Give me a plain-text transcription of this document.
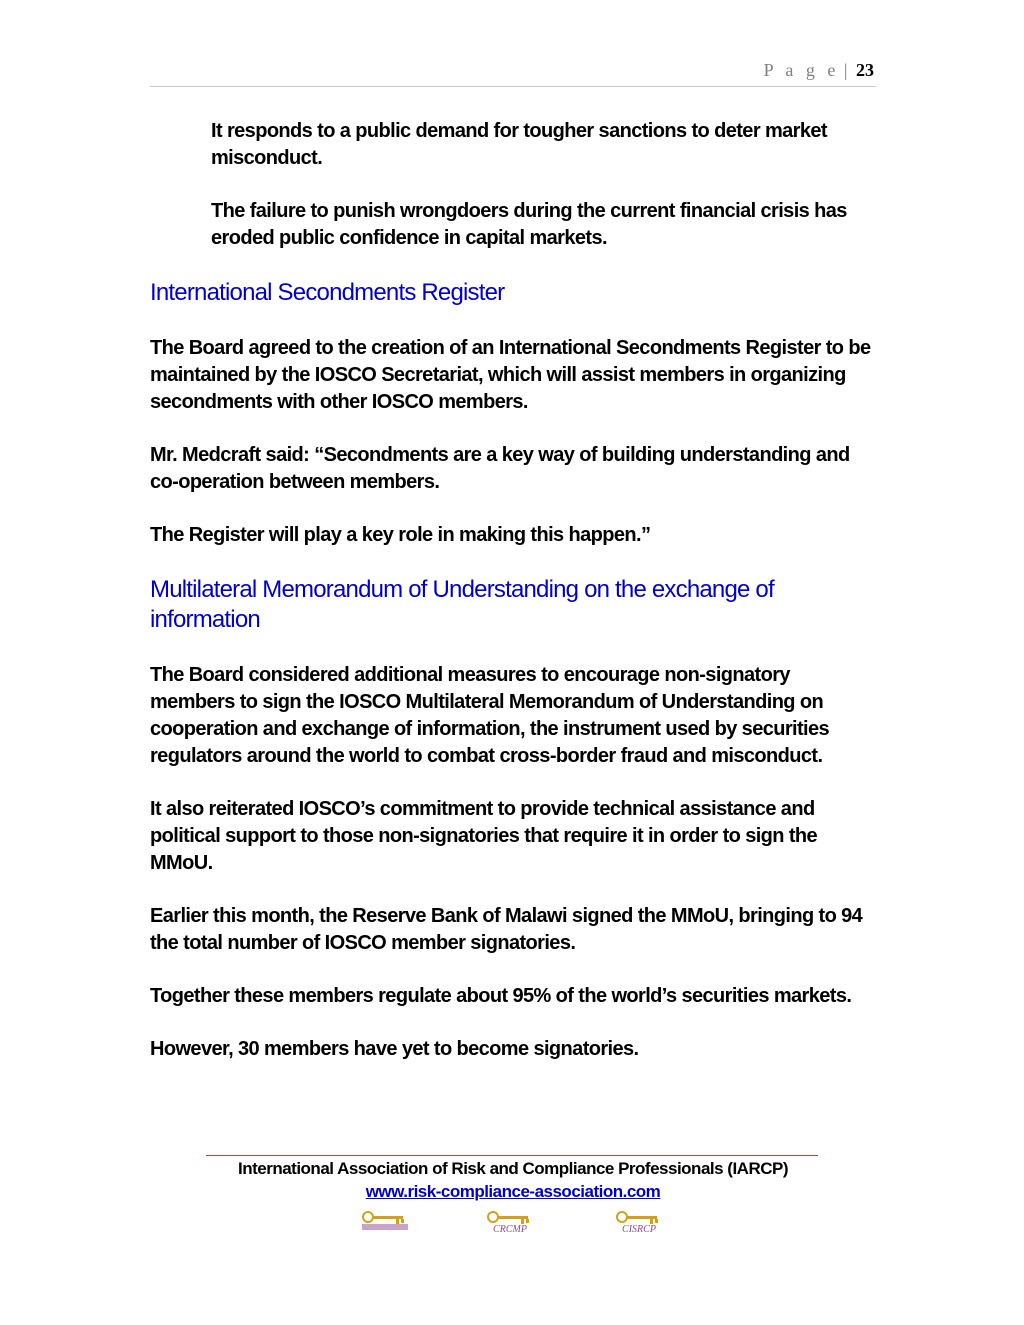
P a g e | 23

It responds to a public demand for tougher sanctions to deter market misconduct.

The failure to punish wrongdoers during the current financial crisis has eroded public confidence in capital markets.

International Secondments Register

The Board agreed to the creation of an International Secondments Register to be maintained by the IOSCO Secretariat, which will assist members in organizing secondments with other IOSCO members.

Mr. Medcraft said: “Secondments are a key way of building understanding and co-operation between members.

The Register will play a key role in making this happen.”

Multilateral Memorandum of Understanding on the exchange of information

The Board considered additional measures to encourage non-signatory members to sign the IOSCO Multilateral Memorandum of Understanding on cooperation and exchange of information, the instrument used by securities regulators around the world to combat cross-border fraud and misconduct.

It also reiterated IOSCO’s commitment to provide technical assistance and political support to those non-signatories that require it in order to sign the MMoU.

Earlier this month, the Reserve Bank of Malawi signed the MMoU, bringing to 94 the total number of IOSCO member signatories.

Together these members regulate about 95% of the world’s securities markets.

However, 30 members have yet to become signatories.

International Association of Risk and Compliance Professionals (IARCP)
www.risk-compliance-association.com
CRCMP	CISRCP
